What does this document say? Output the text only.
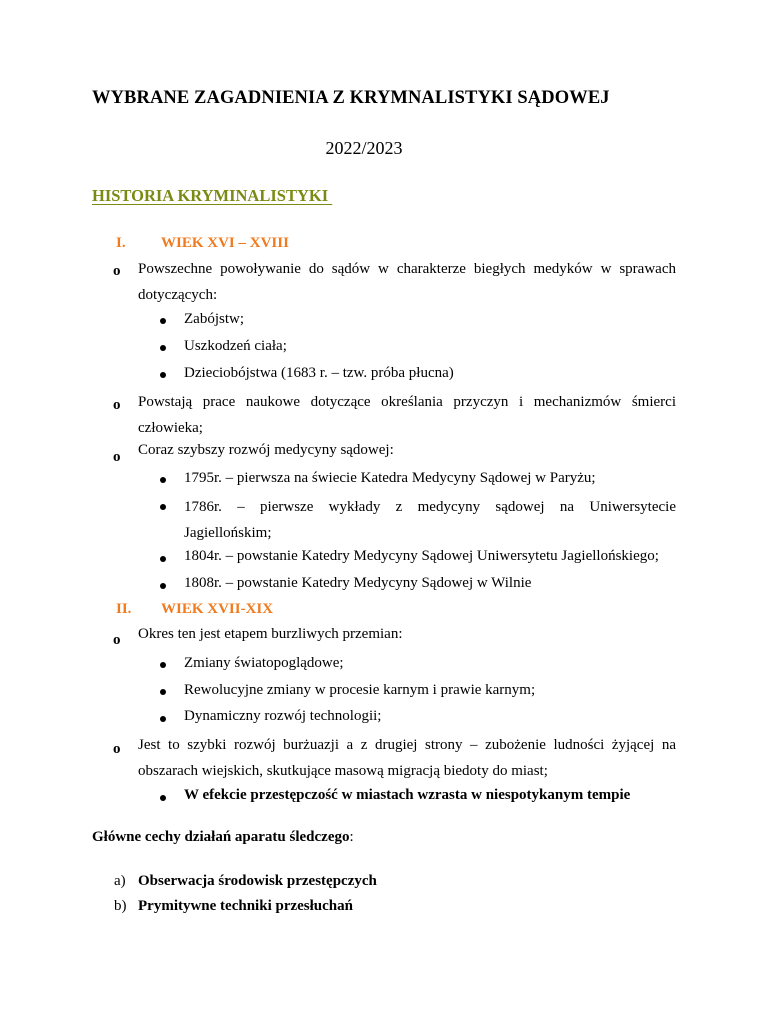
WYBRANE ZAGADNIENIA Z KRYMNALISTYKI SĄDOWEJ
2022/2023
HISTORIA KRYMINALISTYKI
I. WIEK XVI – XVIII
o Powszechne powoływanie do sądów w charakterze biegłych medyków w sprawach
dotyczących:
Zabójstw;
Uszkodzeń ciała;
Dzieciobójstwa (1683 r. – tzw. próba płucna)
o Powstają prace naukowe dotyczące określania przyczyn i mechanizmów śmierci
człowieka;
o Coraz szybszy rozwój medycyny sądowej:
1795r. – pierwsza na świecie Katedra Medycyny Sądowej w Paryżu;
1786r. – pierwsze wykłady z medycyny sądowej na Uniwersytecie
Jagiellońskim;
1804r. – powstanie Katedry Medycyny Sądowej Uniwersytetu Jagiellońskiego;
1808r. – powstanie Katedry Medycyny Sądowej w Wilnie
II. WIEK XVII-XIX
o Okres ten jest etapem burzliwych przemian:
Zmiany światopoglądowe;
Rewolucyjne zmiany w procesie karnym i prawie karnym;
Dynamiczny rozwój technologii;
o Jest to szybki rozwój burżuazji a z drugiej strony – zubożenie ludności żyjącej na
obszarach wiejskich, skutkujące masową migracją biedoty do miast;
W efekcie przestępczość w miastach wzrasta w niespotykanym tempie
Główne cechy działań aparatu śledczego:
a) Obserwacja środowisk przestępczych
b) Prymitywne techniki przesłuchań
